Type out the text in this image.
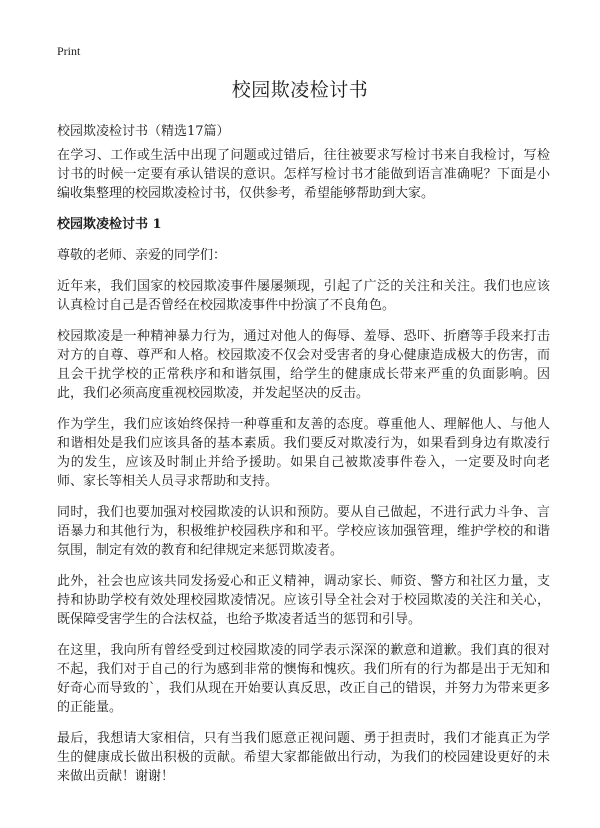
Print
校园欺凌检讨书

校园欺凌检讨书（精选17篇）

在学习、工作或生活中出现了问题或过错后，往往被要求写检讨书来自我检讨，写检讨书的时候一定要有承认错误的意识。怎样写检讨书才能做到语言准确呢？下面是小编收集整理的校园欺凌检讨书，仅供参考，希望能够帮助到大家。

校园欺凌检讨书 1

尊敬的老师、亲爱的同学们：

近年来，我们国家的校园欺凌事件屡屡频现，引起了广泛的关注和关注。我们也应该认真检讨自己是否曾经在校园欺凌事件中扮演了不良角色。

校园欺凌是一种精神暴力行为，通过对他人的侮辱、羞辱、恐吓、折磨等手段来打击对方的自尊、尊严和人格。校园欺凌不仅会对受害者的身心健康造成极大的伤害，而且会干扰学校的正常秩序和和谐氛围，给学生的健康成长带来严重的负面影响。因此，我们必须高度重视校园欺凌，并发起坚决的反击。

作为学生，我们应该始终保持一种尊重和友善的态度。尊重他人、理解他人、与他人和谐相处是我们应该具备的基本素质。我们要反对欺凌行为，如果看到身边有欺凌行为的发生，应该及时制止并给予援助。如果自己被欺凌事件卷入，一定要及时向老师、家长等相关人员寻求帮助和支持。

同时，我们也要加强对校园欺凌的认识和预防。要从自己做起，不进行武力斗争、言语暴力和其他行为，积极维护校园秩序和和平。学校应该加强管理，维护学校的和谐氛围，制定有效的教育和纪律规定来惩罚欺凌者。

此外，社会也应该共同发扬爱心和正义精神，调动家长、师资、警方和社区力量，支持和协助学校有效处理校园欺凌情况。应该引导全社会对于校园欺凌的关注和关心，既保障受害学生的合法权益，也给予欺凌者适当的惩罚和引导。

在这里，我向所有曾经受到过校园欺凌的同学表示深深的歉意和道歉。我们真的很对不起，我们对于自己的行为感到非常的懊悔和愧疚。我们所有的行为都是出于无知和好奇心而导致的`，我们从现在开始要认真反思，改正自己的错误，并努力为带来更多的正能量。

最后，我想请大家相信，只有当我们愿意正视问题、勇于担责时，我们才能真正为学生的健康成长做出积极的贡献。希望大家都能做出行动，为我们的校园建设更好的未来做出贡献！谢谢！
